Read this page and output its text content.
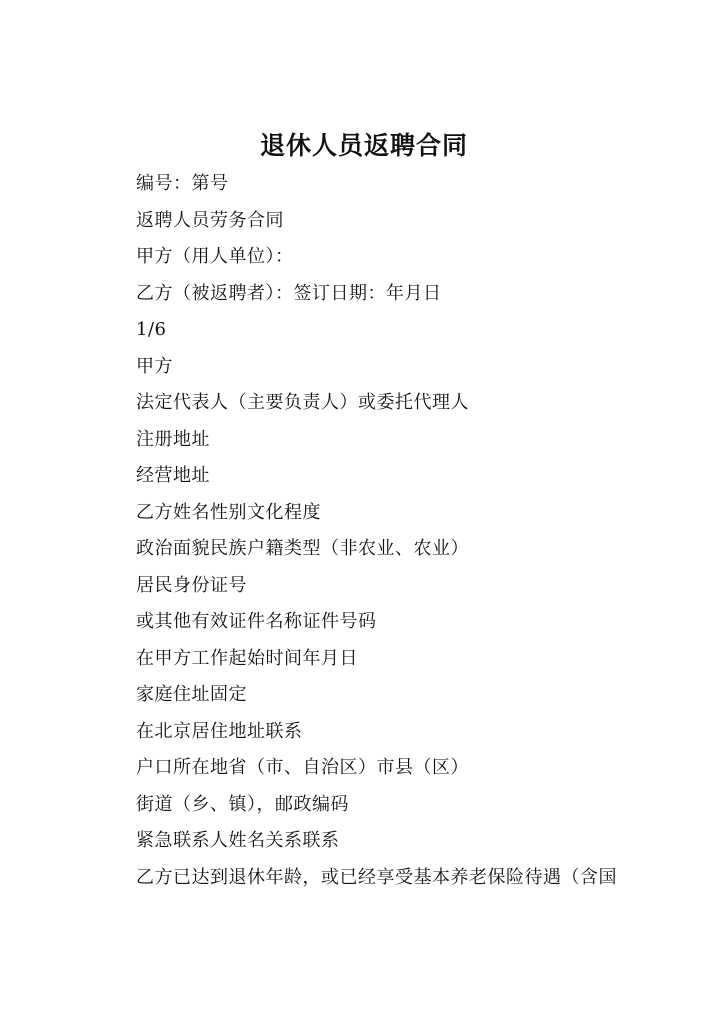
退休人员返聘合同
编号：第号
返聘人员劳务合同
甲方（用人单位）：
乙方（被返聘者）：签订日期：年月日
1/6
甲方
法定代表人（主要负责人）或委托代理人
注册地址
经营地址
乙方姓名性别文化程度
政治面貌民族户籍类型（非农业、农业）
居民身份证号
或其他有效证件名称证件号码
在甲方工作起始时间年月日
家庭住址固定
在北京居住地址联系
户口所在地省（市、自治区）市县（区）
街道（乡、镇），邮政编码
紧急联系人姓名关系联系
乙方已达到退休年龄，或已经享受基本养老保险待遇（含国
